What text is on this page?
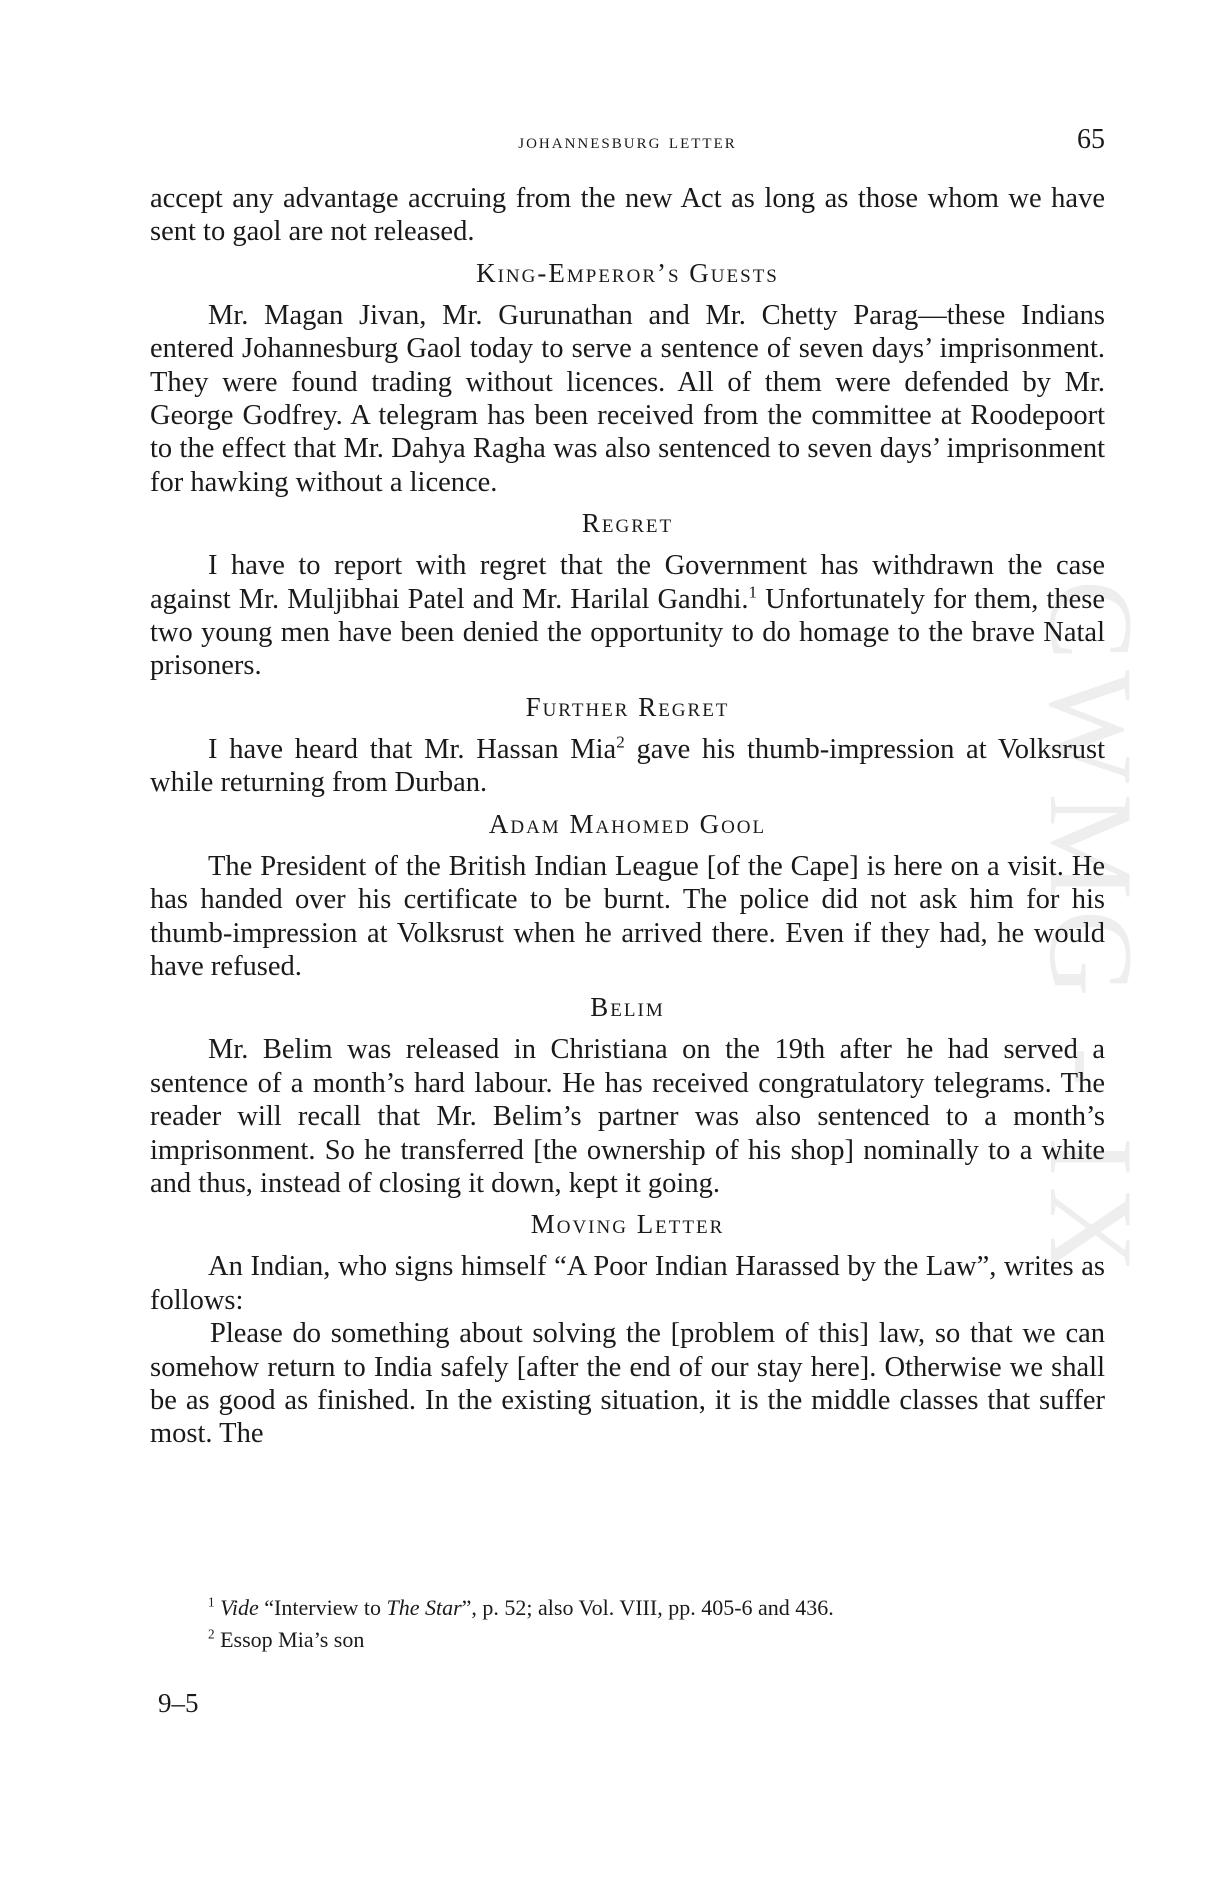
CWMG - IX
johannesburg letter	65

accept any advantage accruing from the new Act as long as those whom we have sent to gaol are not released.

King-Emperor’s Guests

Mr. Magan Jivan, Mr. Gurunathan and Mr. Chetty Parag—these Indians entered Johannesburg Gaol today to serve a sentence of seven days’ imprisonment. They were found trading without licences. All of them were defended by Mr. George Godfrey. A telegram has been received from the committee at Roodepoort to the effect that Mr. Dahya Ragha was also sentenced to seven days’ imprisonment for hawking without a licence.

Regret

I have to report with regret that the Government has withdrawn the case against Mr. Muljibhai Patel and Mr. Harilal Gandhi.$^1$ Unfortunately for them, these two young men have been denied the opportunity to do homage to the brave Natal prisoners.

Further Regret

I have heard that Mr. Hassan Mia$^2$ gave his thumb-impression at Volksrust while returning from Durban.

Adam Mahomed Gool

The President of the British Indian League [of the Cape] is here on a visit. He has handed over his certificate to be burnt. The police did not ask him for his thumb-impression at Volksrust when he arrived there. Even if they had, he would have refused.

Belim

Mr. Belim was released in Christiana on the 19th after he had served a sentence of a month’s hard labour. He has received congratulatory telegrams. The reader will recall that Mr. Belim’s partner was also sentenced to a month’s imprisonment. So he transferred [the ownership of his shop] nominally to a white and thus, instead of closing it down, kept it going.

Moving Letter

An Indian, who signs himself “A Poor Indian Harassed by the Law”, writes as follows:

Please do something about solving the [problem of this] law, so that we can somehow return to India safely [after the end of our stay here]. Otherwise we shall be as good as finished. In the existing situation, it is the middle classes that suffer most. The

$^1$ Vide “Interview to The Star”, p. 52; also Vol. VIII, pp. 405-6 and 436.
$^2$ Essop Mia’s son
9–5
